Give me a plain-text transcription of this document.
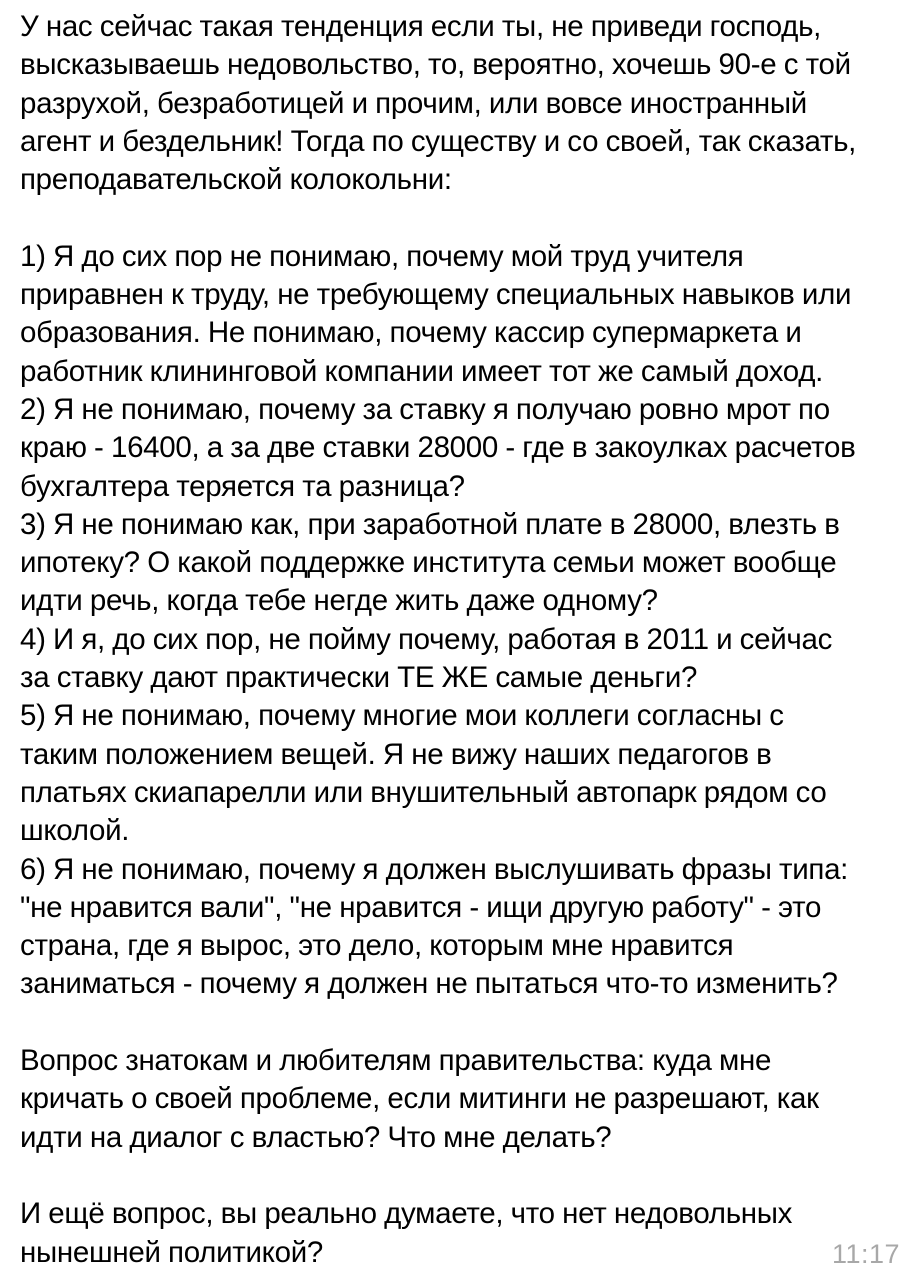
У нас сейчас такая тенденция если ты, не приведи господь,
высказываешь недовольство, то, вероятно, хочешь 90-е с той
разрухой, безработицей и прочим, или вовсе иностранный
агент и бездельник! Тогда по существу и со своей, так сказать,
преподавательской колокольни:
1) Я до сих пор не понимаю, почему мой труд учителя
приравнен к труду, не требующему специальных навыков или
образования. Не понимаю, почему кассир супермаркета и
работник клининговой компании имеет тот же самый доход.
2) Я не понимаю, почему за ставку я получаю ровно мрот по
краю - 16400, а за две ставки 28000 - где в закоулках расчетов
бухгалтера теряется та разница?
3) Я не понимаю как, при заработной плате в 28000, влезть в
ипотеку? О какой поддержке института семьи может вообще
идти речь, когда тебе негде жить даже одному?
4) И я, до сих пор, не пойму почему, работая в 2011 и сейчас
за ставку дают практически ТЕ ЖЕ самые деньги?
5) Я не понимаю, почему многие мои коллеги согласны с
таким положением вещей. Я не вижу наших педагогов в
платьях скиапарелли или внушительный автопарк рядом со
школой.
6) Я не понимаю, почему я должен выслушивать фразы типа:
"не нравится вали", "не нравится - ищи другую работу" - это
страна, где я вырос, это дело, которым мне нравится
заниматься - почему я должен не пытаться что-то изменить?
Вопрос знатокам и любителям правительства: куда мне
кричать о своей проблеме, если митинги не разрешают, как
идти на диалог с властью? Что мне делать?
И ещё вопрос, вы реально думаете, что нет недовольных
нынешней политикой?	11:17
